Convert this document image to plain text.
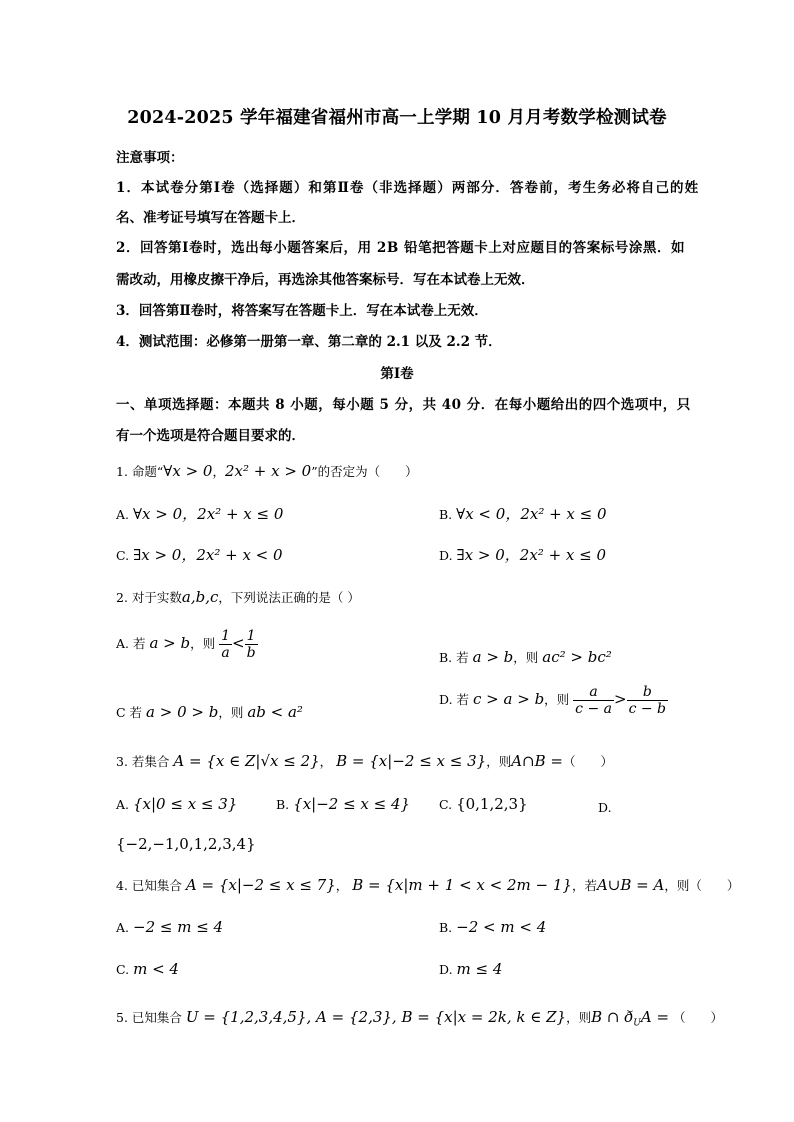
2024-2025 学年福建省福州市高一上学期 10 月月考数学检测试卷
注意事项：
1．本试卷分第Ⅰ卷（选择题）和第Ⅱ卷（非选择题）两部分．答卷前，考生务必将自己的姓
名、准考证号填写在答题卡上．
2．回答第Ⅰ卷时，选出每小题答案后，用 2B 铅笔把答题卡上对应题目的答案标号涂黑．如
需改动，用橡皮擦干净后，再选涂其他答案标号．写在本试卷上无效．
3．回答第Ⅱ卷时，将答案写在答题卡上．写在本试卷上无效．
4．测试范围：必修第一册第一章、第二章的 2.1 以及 2.2 节．
第Ⅰ卷
一、单项选择题：本题共 8 小题，每小题 5 分，共 40 分．在每小题给出的四个选项中，只
有一个选项是符合题目要求的．
1. 命题“∀x > 0，2x² + x > 0”的否定为（　　）
A. ∀x > 0，2x² + x ≤ 0	B. ∀x < 0，2x² + x ≤ 0
C. ∃x > 0，2x² + x < 0	D. ∃x > 0，2x² + x ≤ 0
2. 对于实数a,b,c，下列说法正确的是（ ）
A. 若 a > b，则 $\frac{1}{a} < \frac{1}{b}$	B. 若 a > b，则 ac² > bc²
C 若 a > 0 > b，则 ab < a²
D. 若 c > a > b，则 $\frac{a}{c - a} > \frac{b}{c - b}$
3. 若集合 A = {x ∈ Z|√x ≤ 2}， B = {x|−2 ≤ x ≤ 3}，则A∩B =（　　）
A. {x|0 ≤ x ≤ 3}	B. {x|−2 ≤ x ≤ 4} C. {0,1,2,3}	D.
{−2,−1,0,1,2,3,4}
4. 已知集合 A = {x|−2 ≤ x ≤ 7}， B = {x|m + 1 < x < 2m − 1}，若A∪B = A，则（　　）
A. −2 ≤ m ≤ 4	B. −2 < m < 4
C. m < 4	D. m ≤ 4
5. 已知集合 U = {1,2,3,4,5}, A = {2,3}, B = {x|x = 2k, k ∈ Z}，则B ∩ $ð_UA$ = （　　）
